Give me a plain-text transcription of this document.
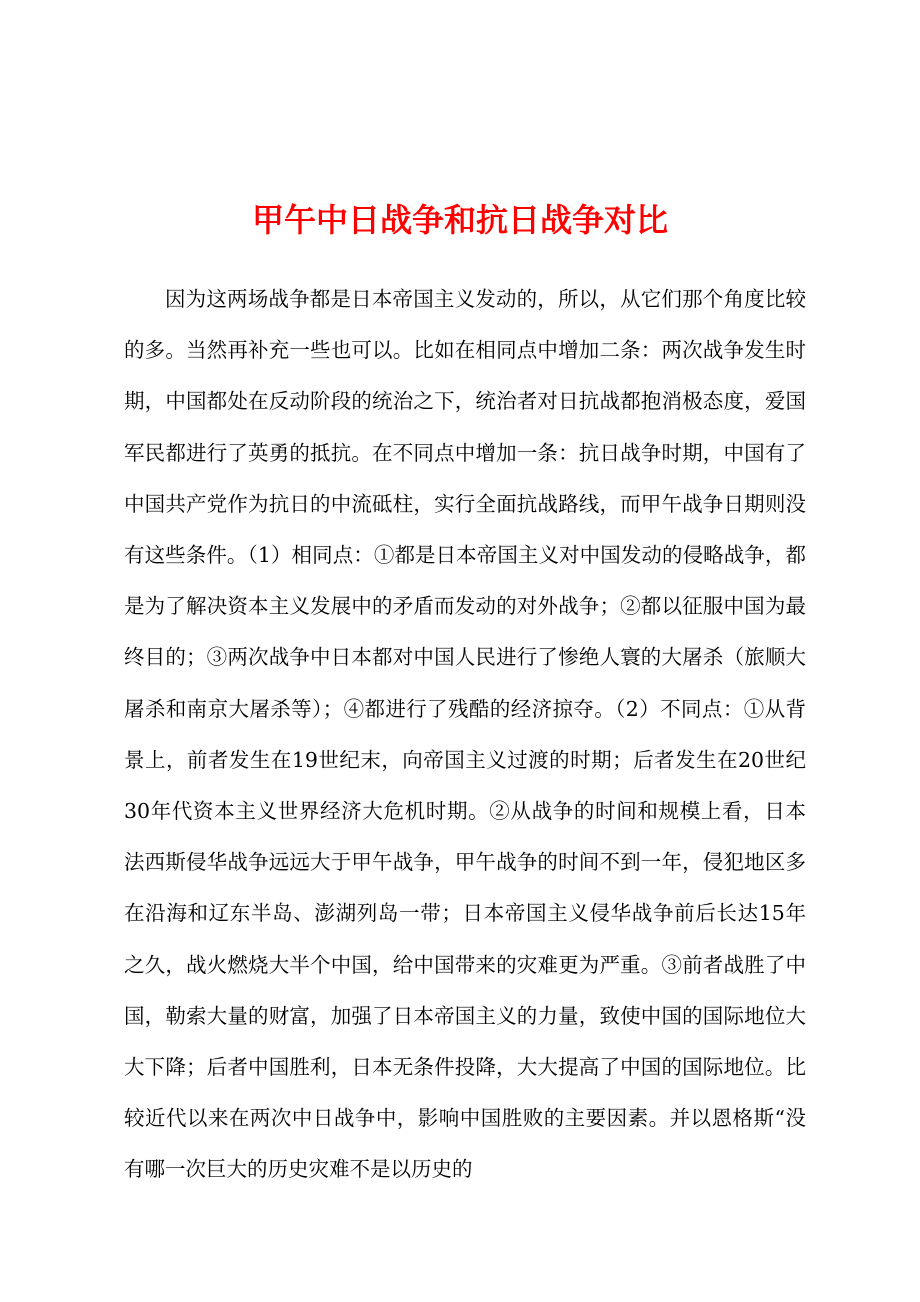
甲午中日战争和抗日战争对比

因为这两场战争都是日本帝国主义发动的，所以，从它们那个角度比较的多。当然再补充一些也可以。比如在相同点中增加二条：两次战争发生时期，中国都处在反动阶段的统治之下，统治者对日抗战都抱消极态度，爱国军民都进行了英勇的抵抗。在不同点中增加一条：抗日战争时期，中国有了中国共产党作为抗日的中流砥柱，实行全面抗战路线，而甲午战争日期则没有这些条件。（1）相同点：①都是日本帝国主义对中国发动的侵略战争，都是为了解决资本主义发展中的矛盾而发动的对外战争；②都以征服中国为最终目的；③两次战争中日本都对中国人民进行了惨绝人寰的大屠杀（旅顺大屠杀和南京大屠杀等）；④都进行了残酷的经济掠夺。（2）不同点：①从背景上，前者发生在19世纪末，向帝国主义过渡的时期；后者发生在20世纪30年代资本主义世界经济大危机时期。②从战争的时间和规模上看，日本法西斯侵华战争远远大于甲午战争，甲午战争的时间不到一年，侵犯地区多在沿海和辽东半岛、澎湖列岛一带；日本帝国主义侵华战争前后长达15年之久，战火燃烧大半个中国，给中国带来的灾难更为严重。③前者战胜了中国，勒索大量的财富，加强了日本帝国主义的力量，致使中国的国际地位大大下降；后者中国胜利，日本无条件投降，大大提高了中国的国际地位。比较近代以来在两次中日战争中，影响中国胜败的主要因素。并以恩格斯“没有哪一次巨大的历史灾难不是以历史的
